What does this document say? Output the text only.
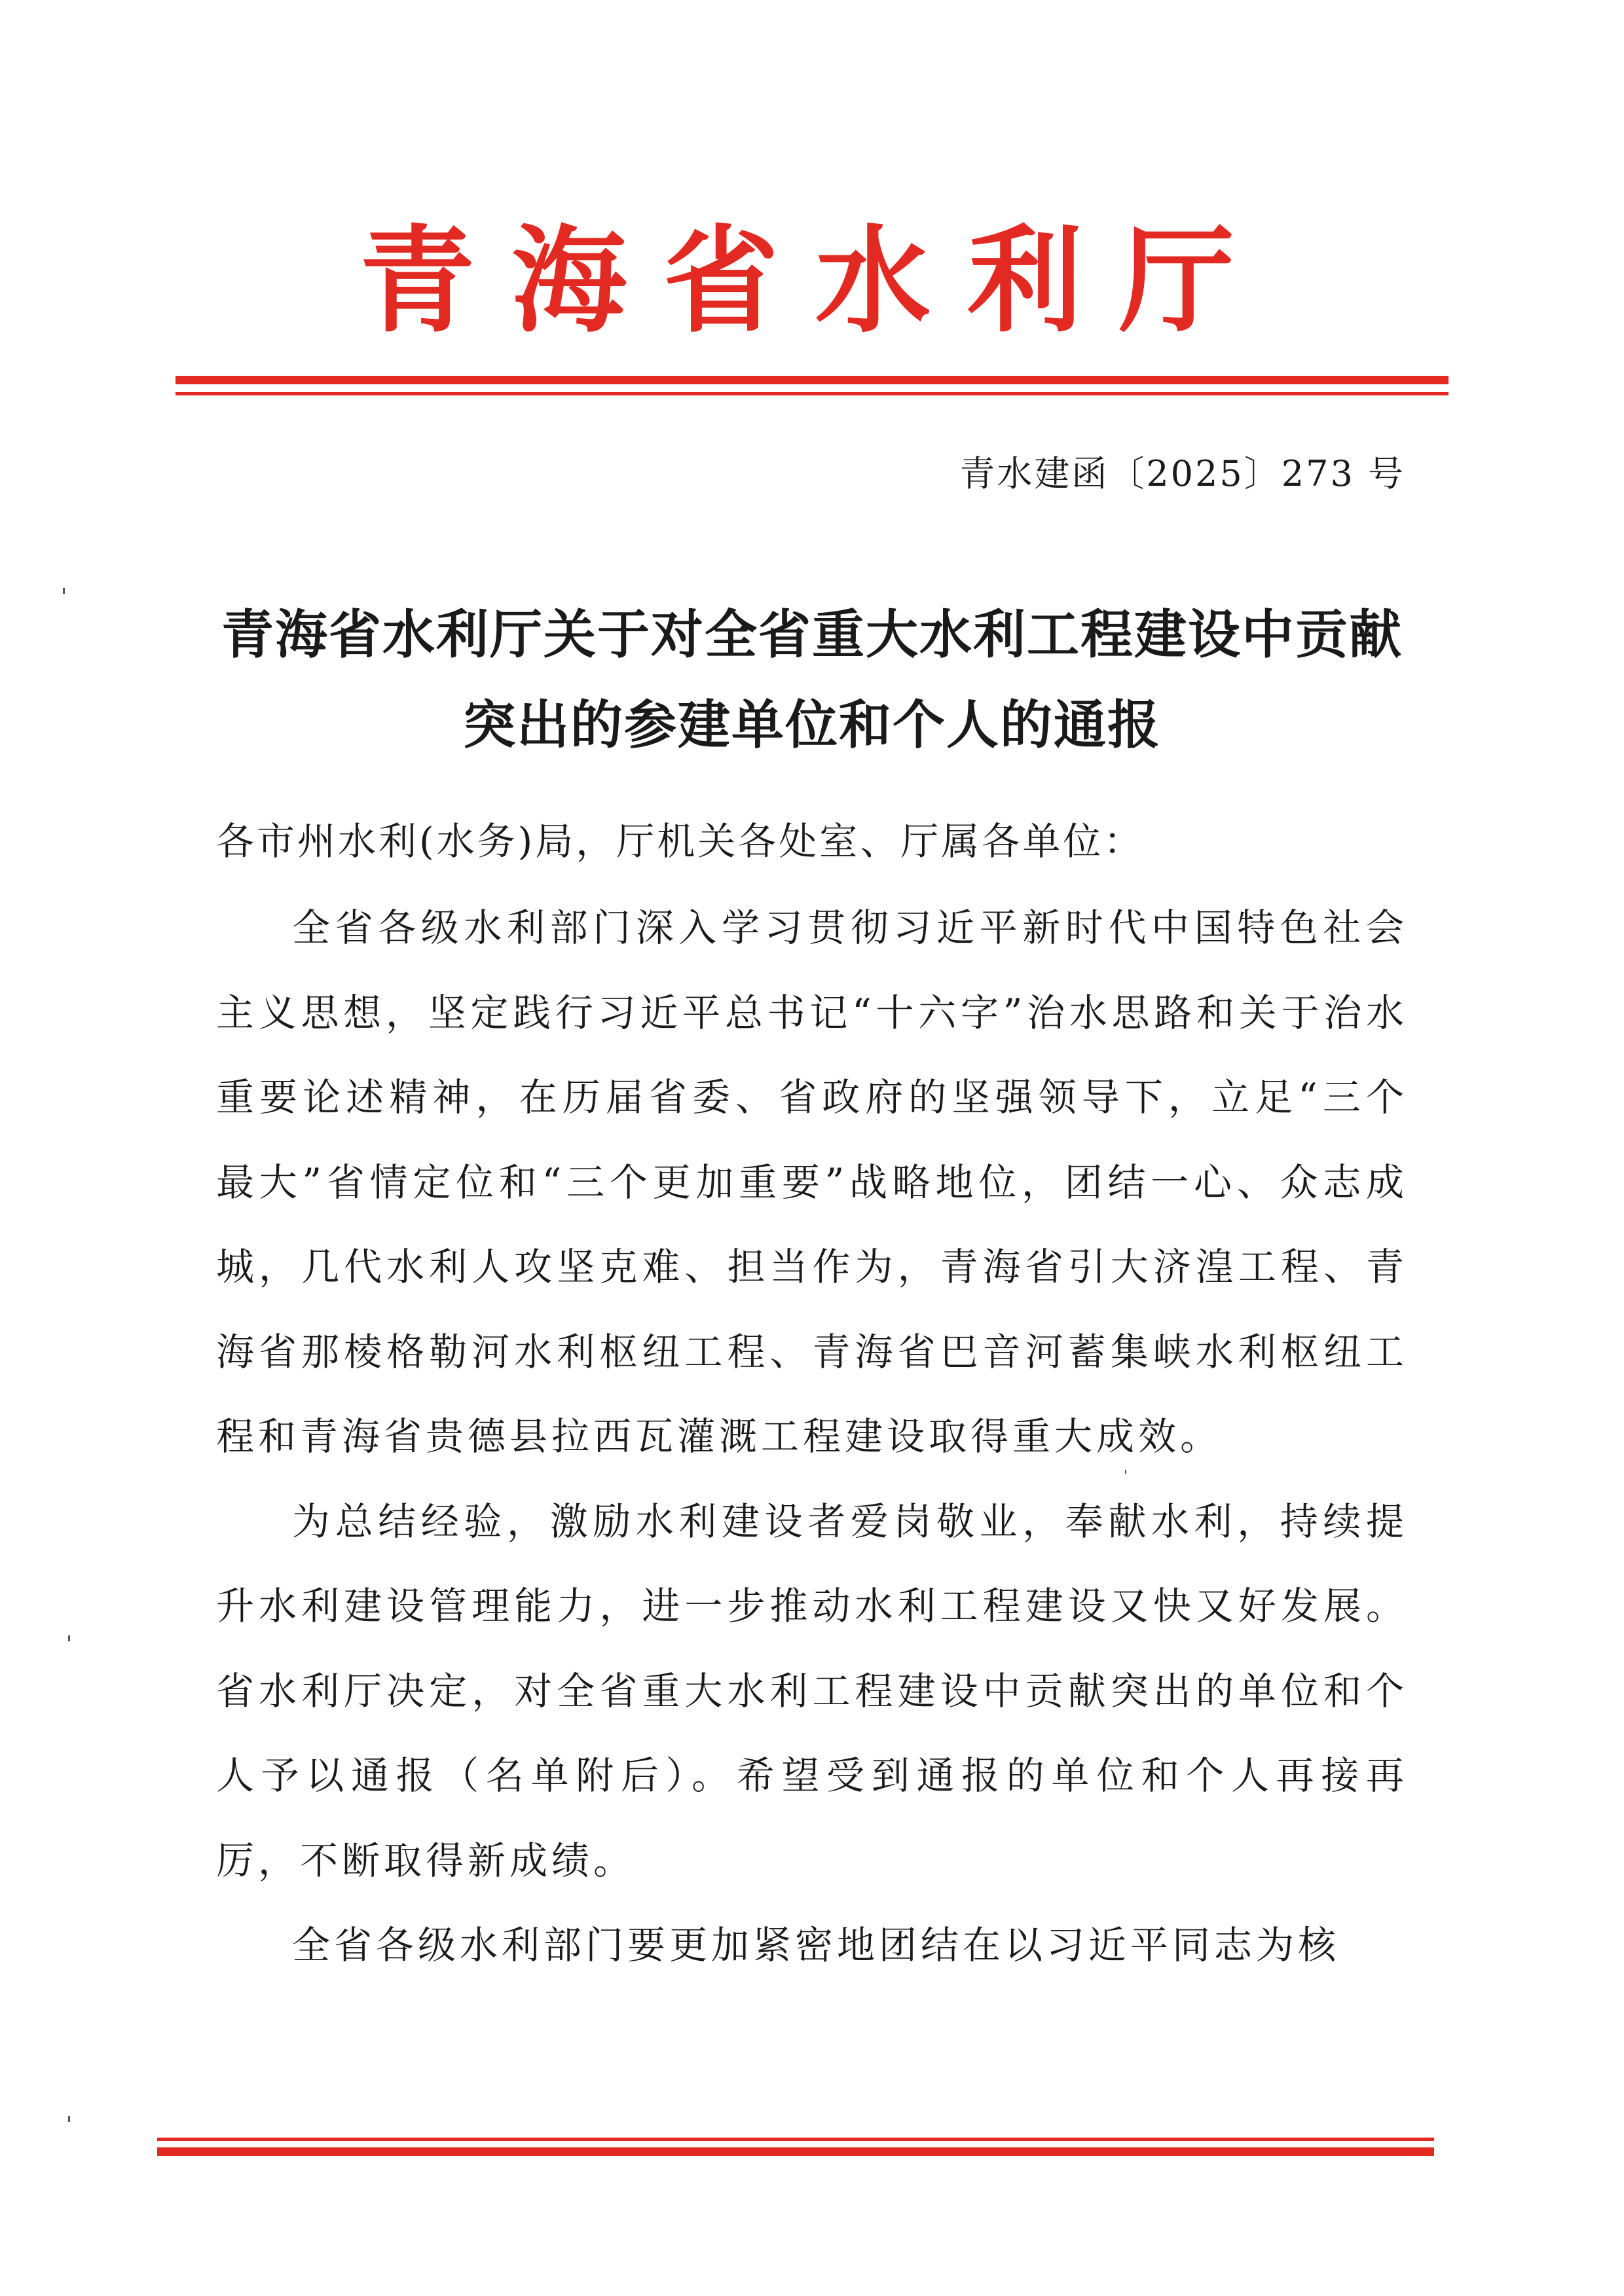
青海省水利厅
青水建函〔2025〕273 号
青海省水利厅关于对全省重大水利工程建设中贡献突出的参建单位和个人的通报
各市州水利(水务)局，厅机关各处室、厅属各单位：

全省各级水利部门深入学习贯彻习近平新时代中国特色社会主义思想，坚定践行习近平总书记“十六字”治水思路和关于治水重要论述精神，在历届省委、省政府的坚强领导下，立足“三个最大”省情定位和“三个更加重要”战略地位，团结一心、众志成城，几代水利人攻坚克难、担当作为，青海省引大济湟工程、青海省那棱格勒河水利枢纽工程、青海省巴音河蓄集峡水利枢纽工程和青海省贵德县拉西瓦灌溉工程建设取得重大成效。

为总结经验，激励水利建设者爱岗敬业，奉献水利，持续提升水利建设管理能力，进一步推动水利工程建设又快又好发展。省水利厅决定，对全省重大水利工程建设中贡献突出的单位和个人予以通报（名单附后）。希望受到通报的单位和个人再接再厉，不断取得新成绩。

全省各级水利部门要更加紧密地团结在以习近平同志为核
